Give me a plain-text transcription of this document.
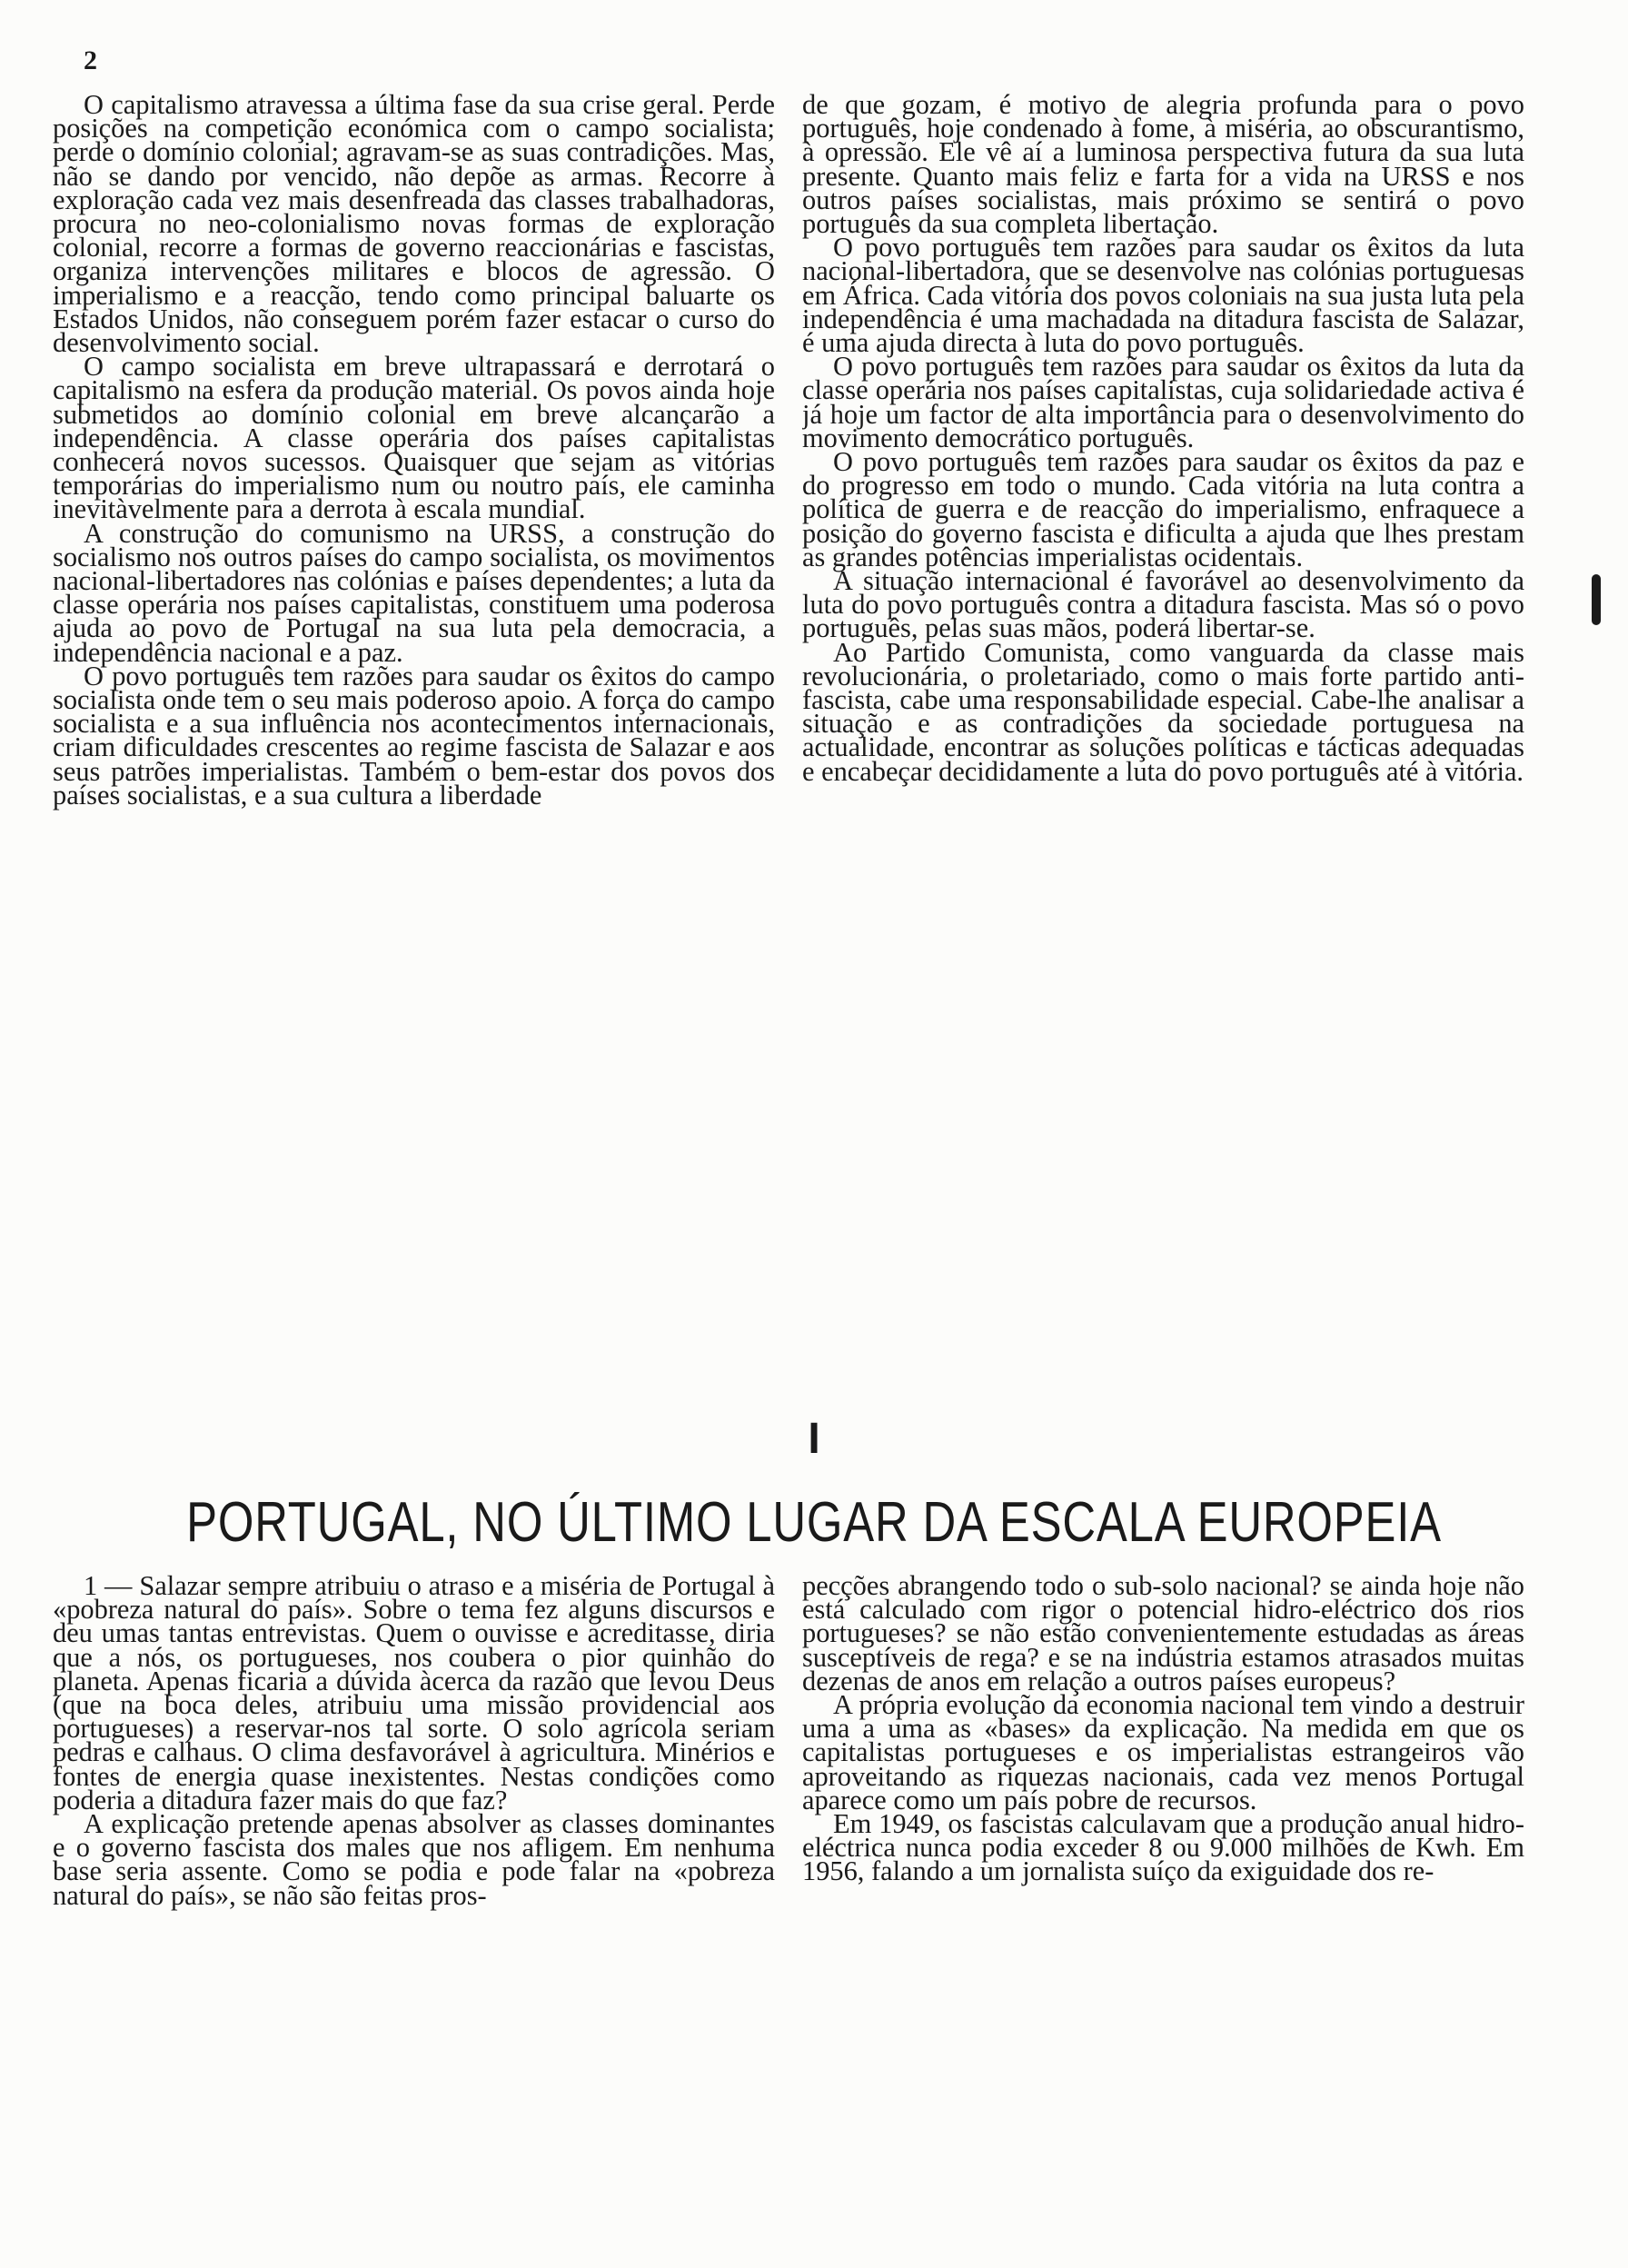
2

O capitalismo atravessa a última fase da sua crise geral. Perde posições na competição económica com o campo socialista; perde o domínio colonial; agravam-se as suas contradições. Mas, não se dando por vencido, não depõe as armas. Recorre à exploração cada vez mais desenfreada das classes trabalhadoras, procura no neo-colonialismo novas formas de exploração colonial, recorre a formas de governo reaccionárias e fascistas, organiza intervenções militares e blocos de agressão. O imperialismo e a reacção, tendo como principal baluarte os Estados Unidos, não conseguem porém fazer estacar o curso do desenvolvimento social.

O campo socialista em breve ultrapassará e derrotará o capitalismo na esfera da produção material. Os povos ainda hoje submetidos ao domínio colonial em breve alcançarão a independência. A classe operária dos países capitalistas conhecerá novos sucessos. Quaisquer que sejam as vitórias temporárias do imperialismo num ou noutro país, ele caminha inevitàvelmente para a derrota à escala mundial.

A construção do comunismo na URSS, a construção do socialismo nos outros países do campo socialista, os movimentos nacional-libertadores nas colónias e países dependentes; a luta da classe operária nos países capitalistas, constituem uma poderosa ajuda ao povo de Portugal na sua luta pela democracia, a independência nacional e a paz.

O povo português tem razões para saudar os êxitos do campo socialista onde tem o seu mais poderoso apoio. A força do campo socialista e a sua influência nos acontecimentos internacionais, criam dificuldades crescentes ao regime fascista de Salazar e aos seus patrões imperialistas. Também o bem-estar dos povos dos países socialistas, e a sua cultura a liberdade

de que gozam, é motivo de alegria profunda para o povo português, hoje condenado à fome, à miséria, ao obscurantismo, à opressão. Ele vê aí a luminosa perspectiva futura da sua luta presente. Quanto mais feliz e farta for a vida na URSS e nos outros países socialistas, mais próximo se sentirá o povo português da sua completa libertação.

O povo português tem razões para saudar os êxitos da luta nacional-libertadora, que se desenvolve nas colónias portuguesas em África. Cada vitória dos povos coloniais na sua justa luta pela independência é uma machadada na ditadura fascista de Salazar, é uma ajuda directa à luta do povo português.

O povo português tem razões para saudar os êxitos da luta da classe operária nos países capitalistas, cuja solidariedade activa é já hoje um factor de alta importância para o desenvolvimento do movimento democrático português.

O povo português tem razões para saudar os êxitos da paz e do progresso em todo o mundo. Cada vitória na luta contra a política de guerra e de reacção do imperialismo, enfraquece a posição do governo fascista e dificulta a ajuda que lhes prestam as grandes potências imperialistas ocidentais.

A situação internacional é favorável ao desenvolvimento da luta do povo português contra a ditadura fascista. Mas só o povo português, pelas suas mãos, poderá libertar-se.

Ao Partido Comunista, como vanguarda da classe mais revolucionária, o proletariado, como o mais forte partido anti-fascista, cabe uma responsabilidade especial. Cabe-lhe analisar a situação e as contradições da sociedade portuguesa na actualidade, encontrar as soluções políticas e tácticas adequadas e encabeçar decididamente a luta do povo português até à vitória.

I
PORTUGAL, NO ÚLTIMO LUGAR DA ESCALA EUROPEIA

1 — Salazar sempre atribuiu o atraso e a miséria de Portugal à «pobreza natural do país». Sobre o tema fez alguns discursos e deu umas tantas entrevistas. Quem o ouvisse e acreditasse, diria que a nós, os portugueses, nos coubera o pior quinhão do planeta. Apenas ficaria a dúvida àcerca da razão que levou Deus (que na boca deles, atribuiu uma missão providencial aos portugueses) a reservar-nos tal sorte. O solo agrícola seriam pedras e calhaus. O clima desfavorável à agricultura. Minérios e fontes de energia quase inexistentes. Nestas condições como poderia a ditadura fazer mais do que faz?

A explicação pretende apenas absolver as classes dominantes e o governo fascista dos males que nos afligem. Em nenhuma base seria assente. Como se podia e pode falar na «pobreza natural do país», se não são feitas pros-

pecções abrangendo todo o sub-solo nacional? se ainda hoje não está calculado com rigor o potencial hidro-eléctrico dos rios portugueses? se não estão convenientemente estudadas as áreas susceptíveis de rega? e se na indústria estamos atrasados muitas dezenas de anos em relação a outros países europeus?

A própria evolução da economia nacional tem vindo a destruir uma a uma as «bases» da explicação. Na medida em que os capitalistas portugueses e os imperialistas estrangeiros vão aproveitando as riquezas nacionais, cada vez menos Portugal aparece como um país pobre de recursos.

Em 1949, os fascistas calculavam que a produção anual hidro-eléctrica nunca podia exceder 8 ou 9.000 milhões de Kwh. Em 1956, falando a um jornalista suíço da exiguidade dos re-
